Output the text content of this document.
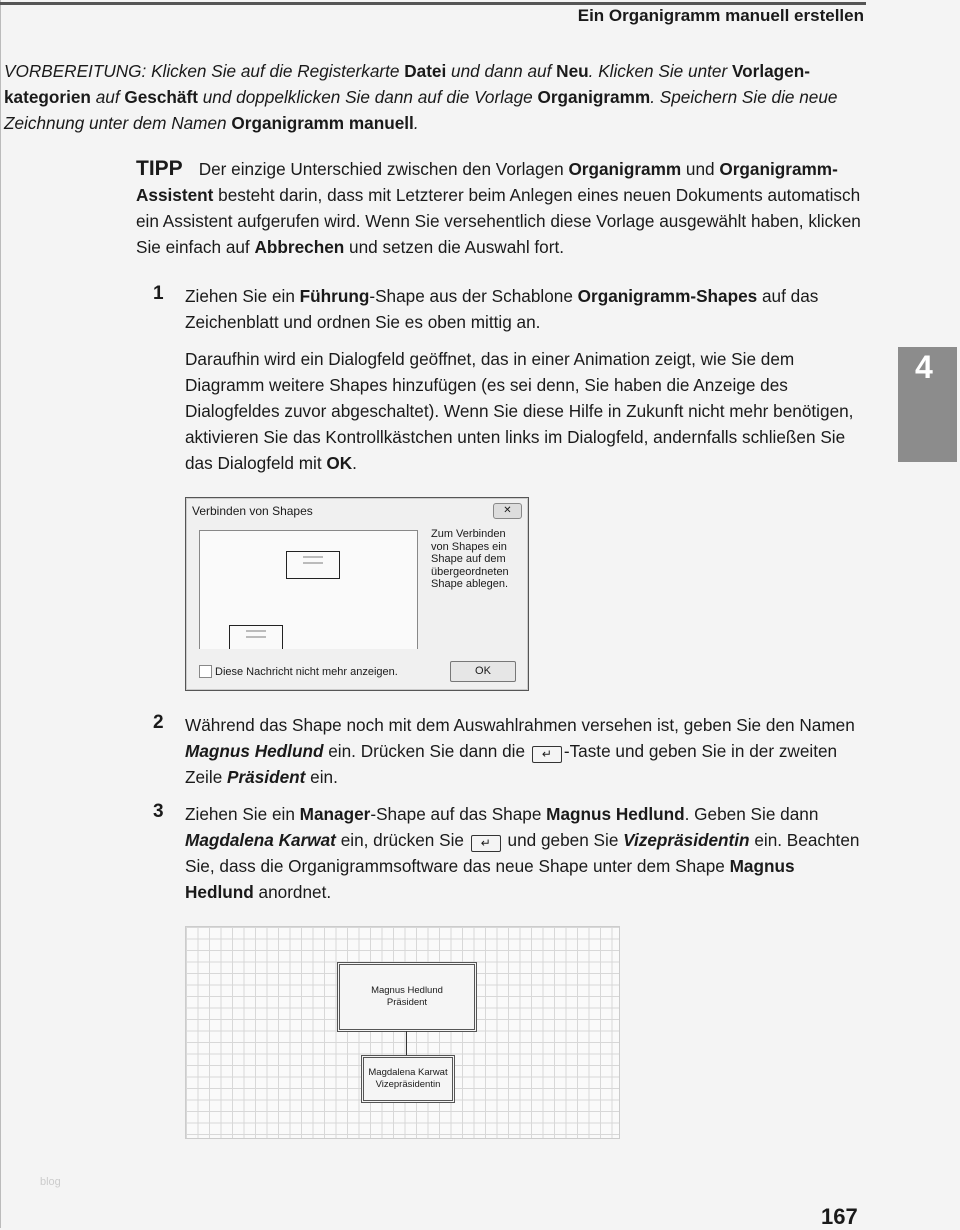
Ein Organigramm manuell erstellen
VORBEREITUNG: Klicken Sie auf die Registerkarte Datei und dann auf Neu. Klicken Sie unter Vorlagen-kategorien auf Geschäft und doppelklicken Sie dann auf die Vorlage Organigramm. Speichern Sie die neue Zeichnung unter dem Namen Organigramm manuell.
TIPP Der einzige Unterschied zwischen den Vorlagen Organigramm und Organigramm-Assistent besteht darin, dass mit Letzterer beim Anlegen eines neuen Dokuments automatisch ein Assistent aufgerufen wird. Wenn Sie versehentlich diese Vorlage ausgewählt haben, klicken Sie einfach auf Abbrechen und setzen die Auswahl fort.
1 Ziehen Sie ein Führung-Shape aus der Schablone Organigramm-Shapes auf das Zeichenblatt und ordnen Sie es oben mittig an.
Daraufhin wird ein Dialogfeld geöffnet, das in einer Animation zeigt, wie Sie dem Diagramm weitere Shapes hinzufügen (es sei denn, Sie haben die Anzeige des Dialogfeldes zuvor abgeschaltet). Wenn Sie diese Hilfe in Zukunft nicht mehr benötigen, aktivieren Sie das Kontrollkästchen unten links im Dialogfeld, andernfalls schließen Sie das Dialogfeld mit OK.
Verbinden von Shapes	✕
Zum Verbinden
von Shapes ein
Shape auf dem
übergeordneten
Shape ablegen.
Diese Nachricht nicht mehr anzeigen.	OK
2 Während das Shape noch mit dem Auswahlrahmen versehen ist, geben Sie den Namen Magnus Hedlund ein. Drücken Sie dann die ↵ -Taste und geben Sie in der zweiten Zeile Präsident ein.
3 Ziehen Sie ein Manager-Shape auf das Shape Magnus Hedlund. Geben Sie dann Magdalena Karwat ein, drücken Sie ↵ und geben Sie Vizepräsidentin ein. Beachten Sie, dass die Organigrammsoftware das neue Shape unter dem Shape Magnus Hedlund anordnet.
Magnus Hedlund
Präsident
Magdalena Karwat
Vizepräsidentin
4
blog
167
